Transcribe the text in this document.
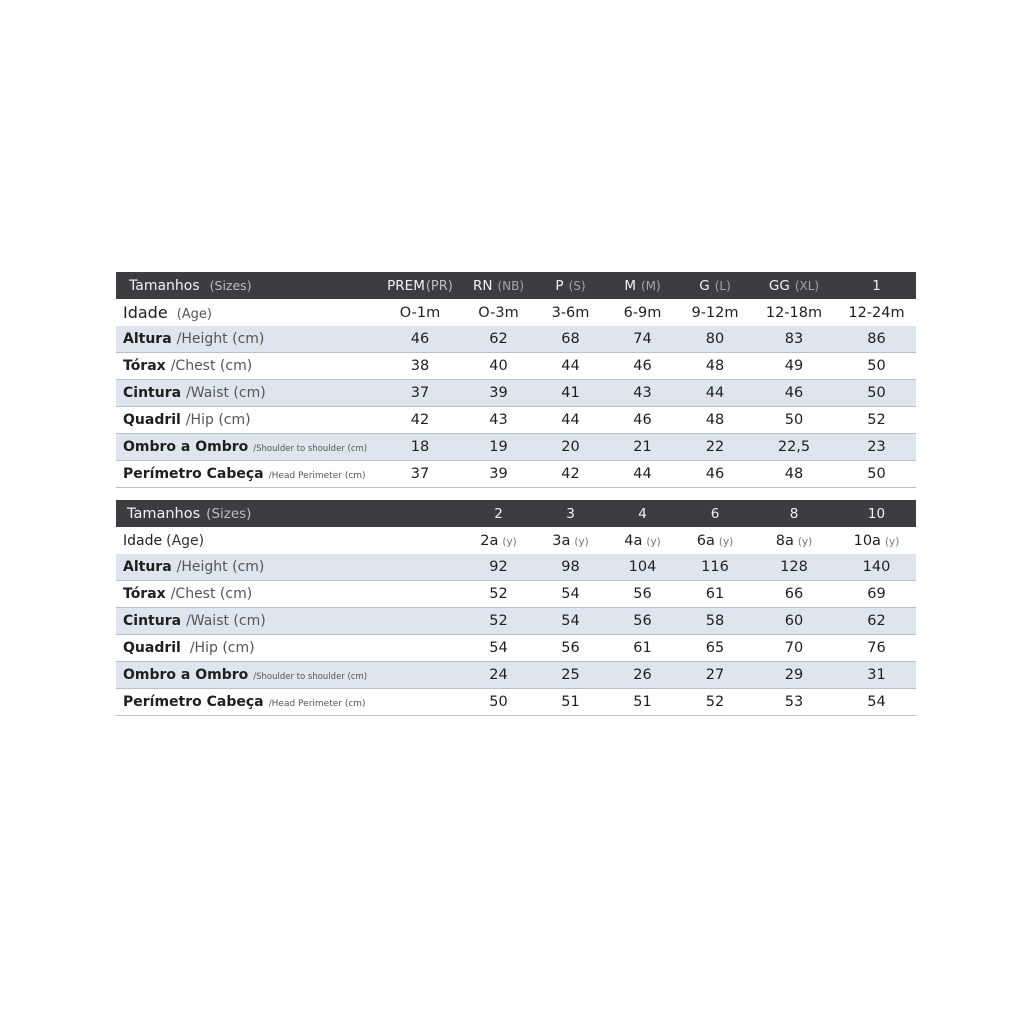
Tamanhos (Sizes)	PREM(PR)	RN (NB)	P (S)	M (M)	G (L)	GG (XL)	1
Idade (Age)	O-1m	O-3m	3-6m	6-9m	9-12m	12-18m	12-24m
Altura /Height (cm)	46	62	68	74	80	83	86
Tórax /Chest (cm)	38	40	44	46	48	49	50
Cintura /Waist (cm)	37	39	41	43	44	46	50
Quadril /Hip (cm)	42	43	44	46	48	50	52
Ombro a Ombro /Shoulder to shoulder (cm)	18	19	20	21	22	22,5	23
Perímetro Cabeça /Head Perimeter (cm)	37	39	42	44	46	48	50
Tamanhos (Sizes)	2	3	4	6	8	10
Idade (Age)	2a (y)	3a (y)	4a (y)	6a (y)	8a (y)	10a (y)
Altura /Height (cm)	92	98	104	116	128	140
Tórax /Chest (cm)	52	54	56	61	66	69
Cintura /Waist (cm)	52	54	56	58	60	62
Quadril /Hip (cm)	54	56	61	65	70	76
Ombro a Ombro /Shoulder to shoulder (cm)	24	25	26	27	29	31
Perímetro Cabeça /Head Perimeter (cm)	50	51	51	52	53	54
